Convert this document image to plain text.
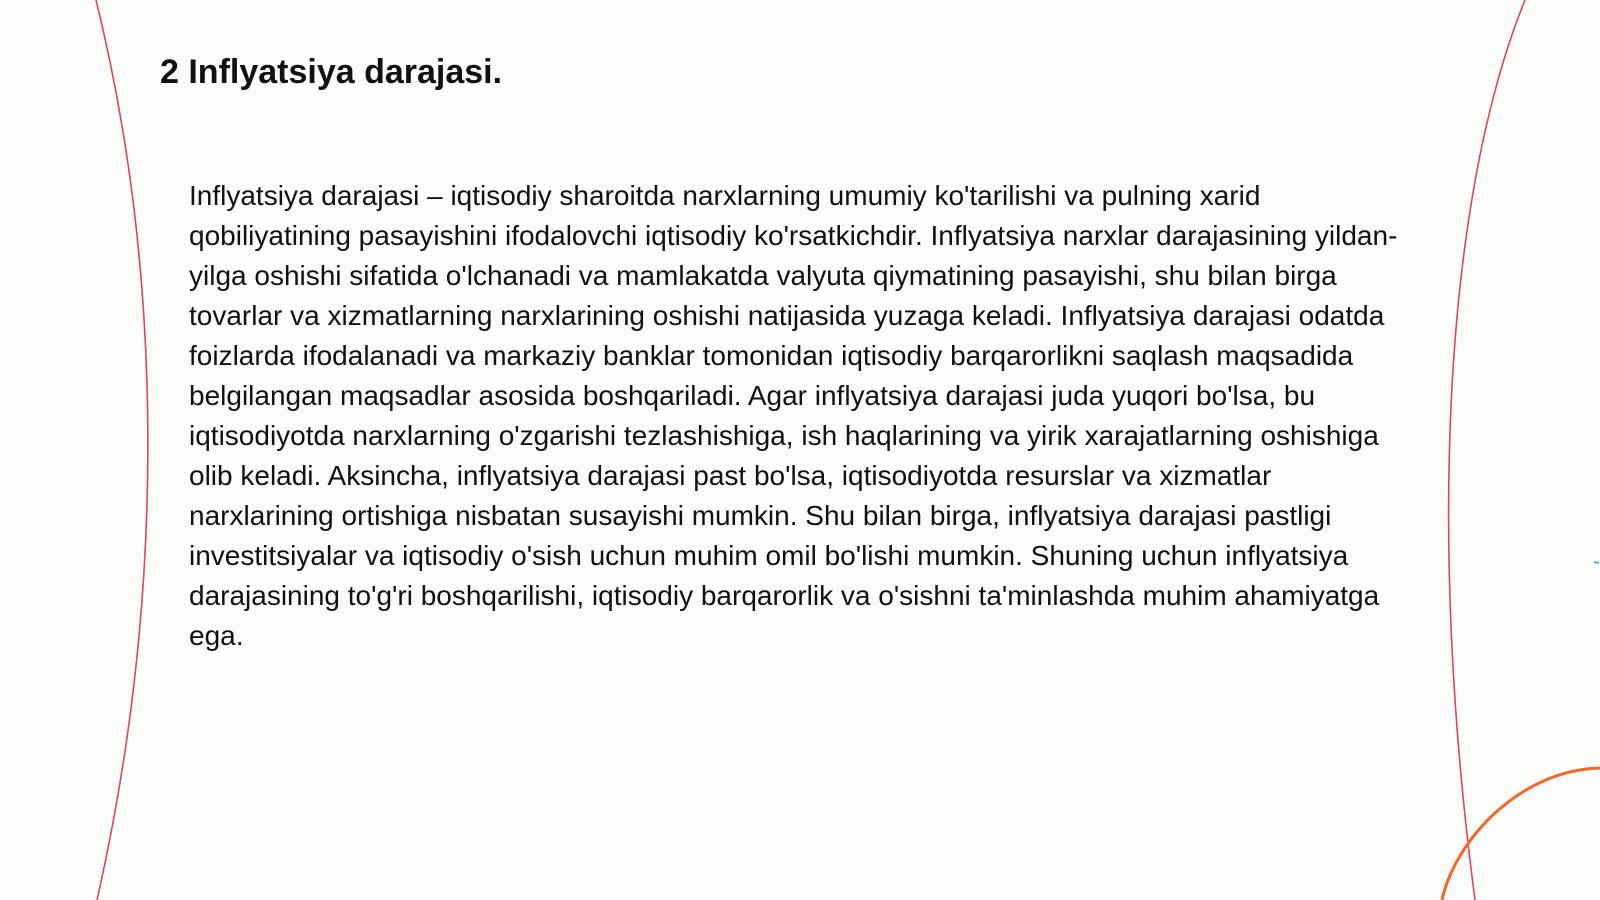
2 Inflyatsiya darajasi.
Inflyatsiya darajasi – iqtisodiy sharoitda narxlarning umumiy ko'tarilishi va pulning xarid qobiliyatining pasayishini ifodalovchi iqtisodiy ko'rsatkichdir. Inflyatsiya narxlar darajasining yildan-yilga oshishi sifatida o'lchanadi va mamlakatda valyuta qiymatining pasayishi, shu bilan birga tovarlar va xizmatlarning narxlarining oshishi natijasida yuzaga keladi. Inflyatsiya darajasi odatda foizlarda ifodalanadi va markaziy banklar tomonidan iqtisodiy barqarorlikni saqlash maqsadida belgilangan maqsadlar asosida boshqariladi. Agar inflyatsiya darajasi juda yuqori bo'lsa, bu iqtisodiyotda narxlarning o'zgarishi tezlashishiga, ish haqlarining va yirik xarajatlarning oshishiga olib keladi. Aksincha, inflyatsiya darajasi past bo'lsa, iqtisodiyotda resurslar va xizmatlar narxlarining ortishiga nisbatan susayishi mumkin. Shu bilan birga, inflyatsiya darajasi pastligi investitsiyalar va iqtisodiy o'sish uchun muhim omil bo'lishi mumkin. Shuning uchun inflyatsiya darajasining to'g'ri boshqarilishi, iqtisodiy barqarorlik va o'sishni ta'minlashda muhim ahamiyatga ega.
